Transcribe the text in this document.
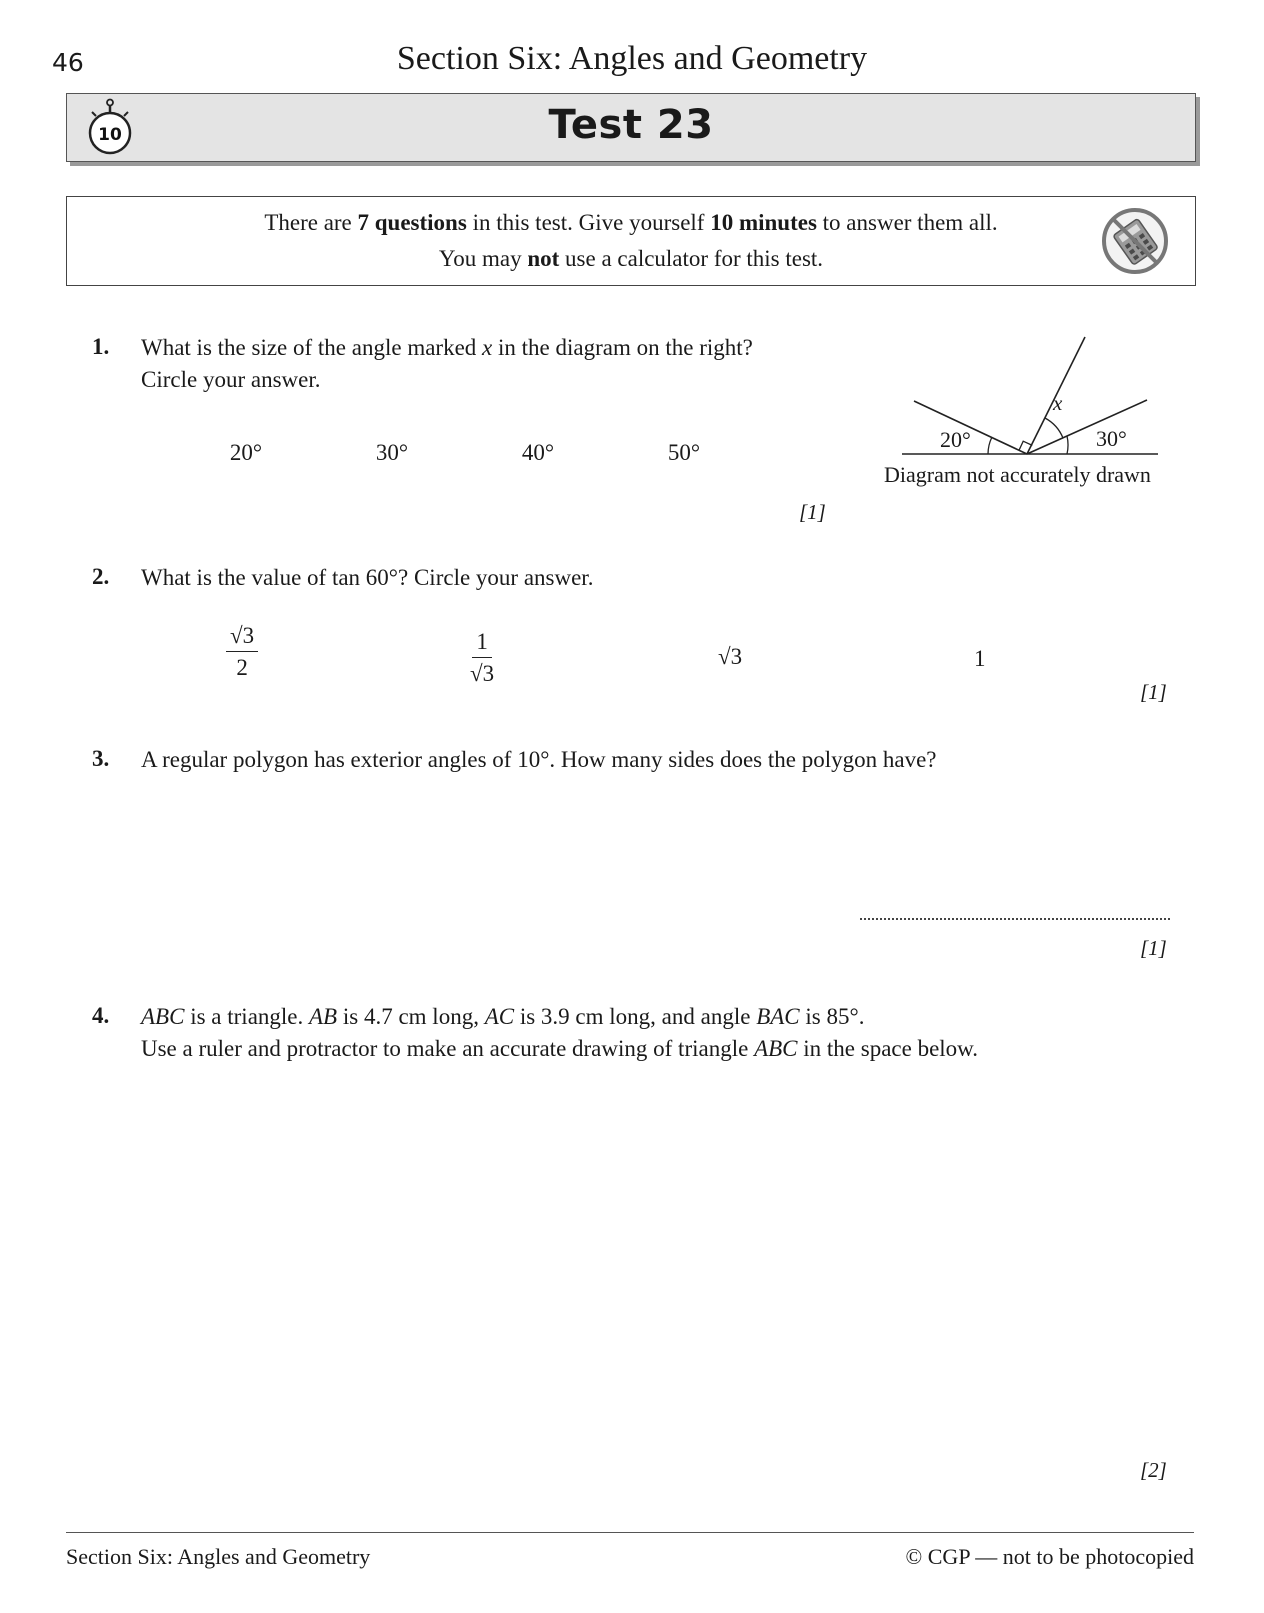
46	Section Six: Angles and Geometry
10	Test 23
There are 7 questions in this test. Give yourself 10 minutes to answer them all.
You may not use a calculator for this test.
1. What is the size of the angle marked x in the diagram on the right?
Circle your answer.
20°	30°	40°	50°
[1]
20°
x
30°
Diagram not accurately drawn
2. What is the value of tan 60°? Circle your answer.
$\frac{√3}{2}$	$\frac{1}{√3}$	√3	1
[1]
3. A regular polygon has exterior angles of 10°. How many sides does the polygon have?
[1]
4. ABC is a triangle. AB is 4.7 cm long, AC is 3.9 cm long, and angle BAC is 85°.
Use a ruler and protractor to make an accurate drawing of triangle ABC in the space below.
[2]
Section Six: Angles and Geometry	© CGP — not to be photocopied
